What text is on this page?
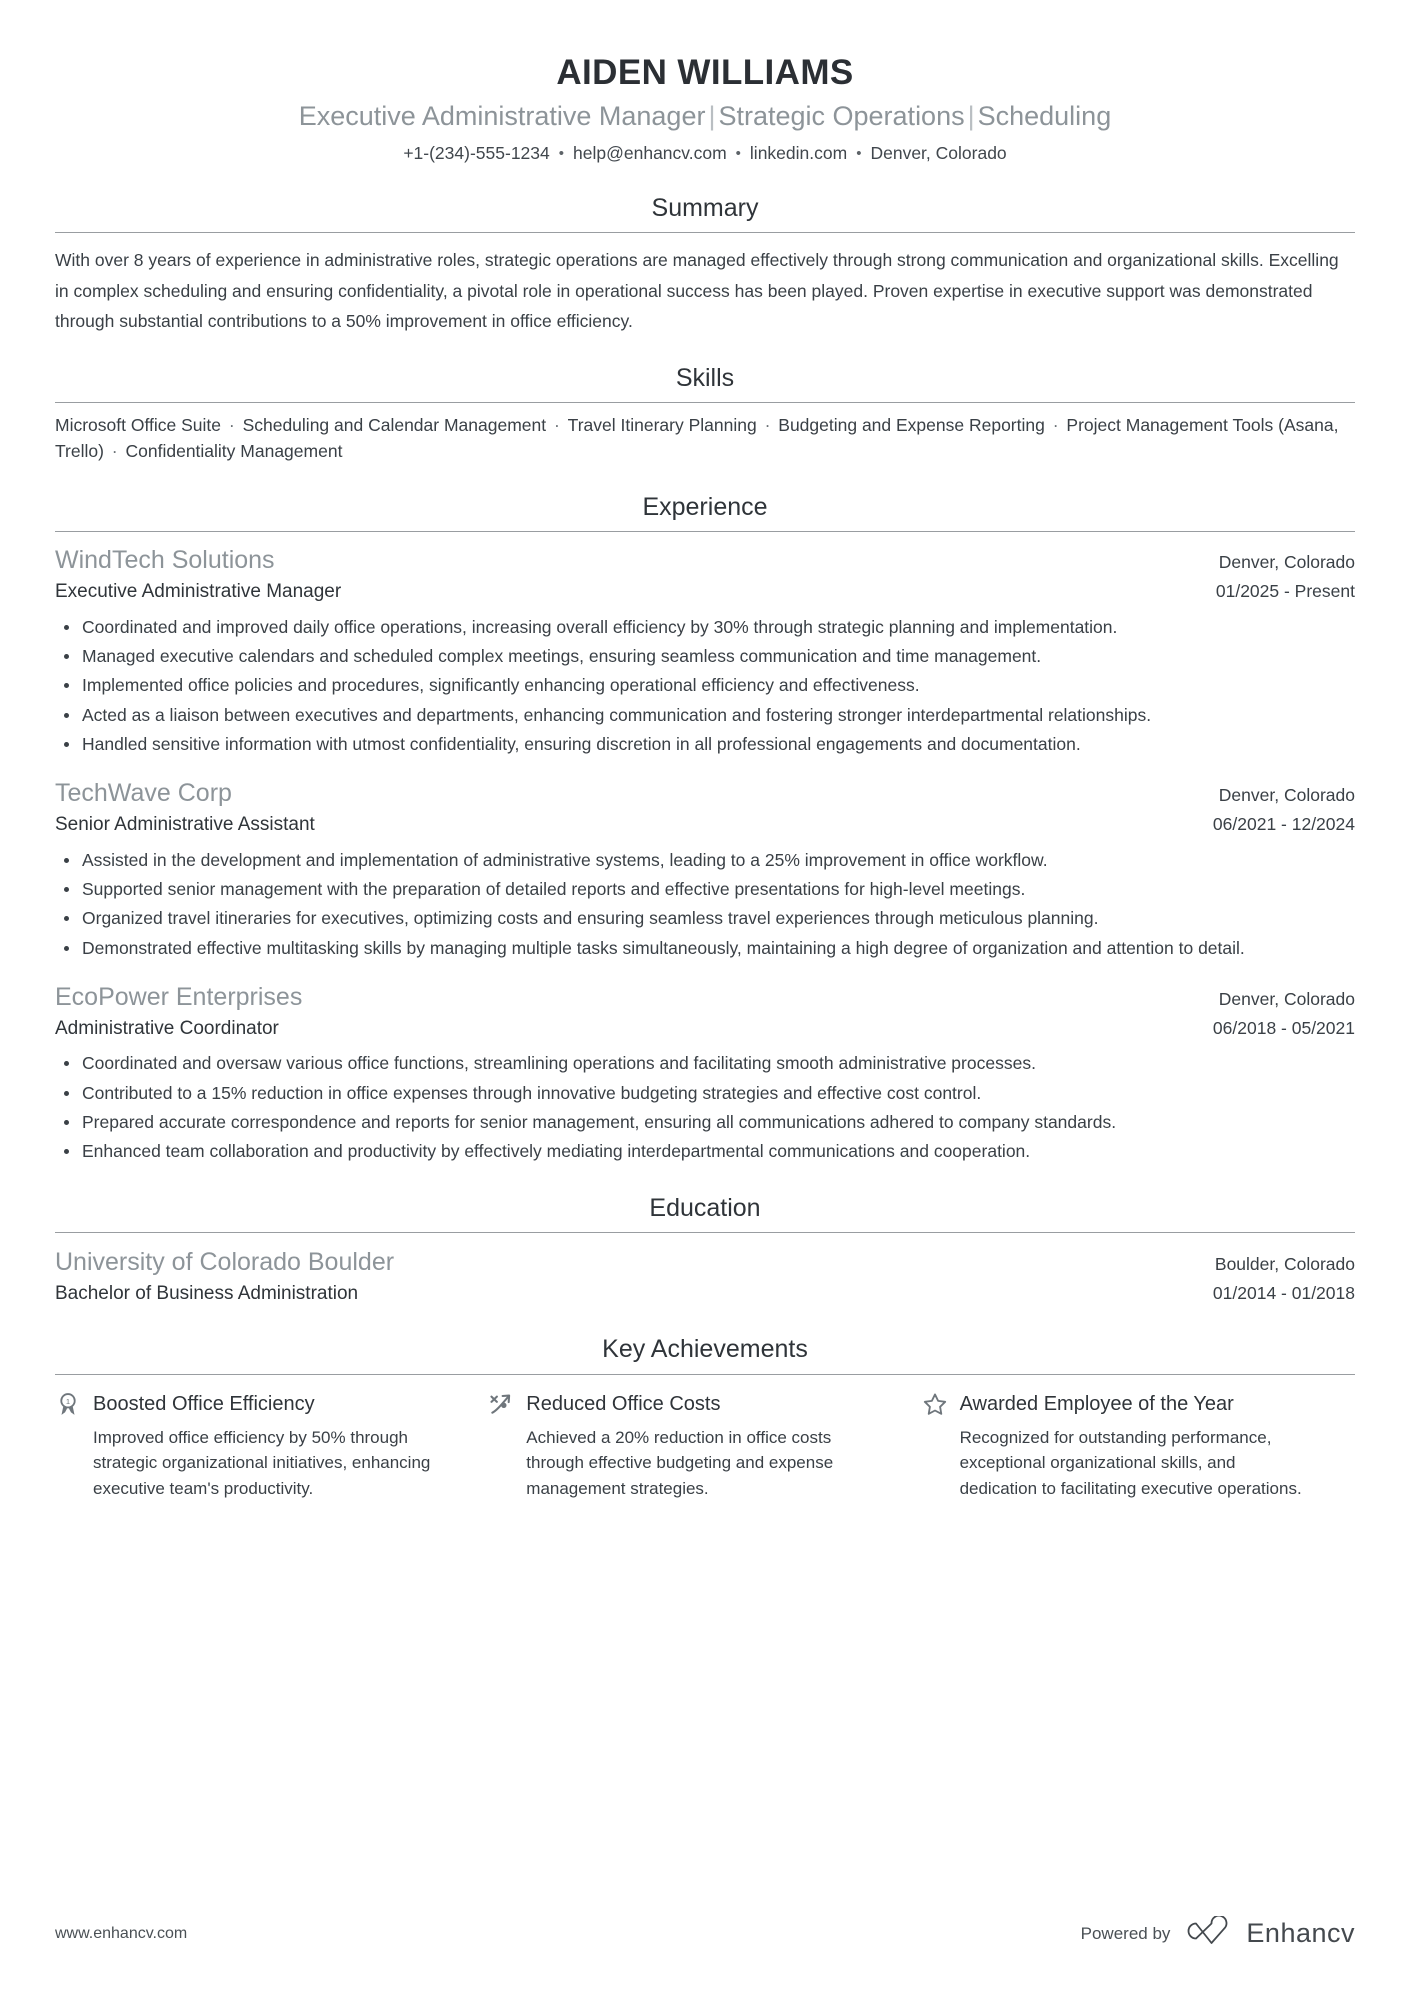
AIDEN WILLIAMS
Executive Administrative Manager | Strategic Operations | Scheduling
+1-(234)-555-1234 • help@enhancv.com • linkedin.com • Denver, Colorado
Summary

With over 8 years of experience in administrative roles, strategic operations are managed effectively through strong communication and organizational skills. Excelling in complex scheduling and ensuring confidentiality, a pivotal role in operational success has been played. Proven expertise in executive support was demonstrated through substantial contributions to a 50% improvement in office efficiency.

Skills

Microsoft Office Suite · Scheduling and Calendar Management · Travel Itinerary Planning · Budgeting and Expense Reporting · Project Management Tools (Asana, Trello) · Confidentiality Management

Experience
WindTech Solutions	Denver, Colorado
Executive Administrative Manager	01/2025 - Present
Coordinated and improved daily office operations, increasing overall efficiency by 30% through strategic planning and implementation.
Managed executive calendars and scheduled complex meetings, ensuring seamless communication and time management.
Implemented office policies and procedures, significantly enhancing operational efficiency and effectiveness.
Acted as a liaison between executives and departments, enhancing communication and fostering stronger interdepartmental relationships.
Handled sensitive information with utmost confidentiality, ensuring discretion in all professional engagements and documentation.
TechWave Corp	Denver, Colorado
Senior Administrative Assistant	06/2021 - 12/2024
Assisted in the development and implementation of administrative systems, leading to a 25% improvement in office workflow.
Supported senior management with the preparation of detailed reports and effective presentations for high-level meetings.
Organized travel itineraries for executives, optimizing costs and ensuring seamless travel experiences through meticulous planning.
Demonstrated effective multitasking skills by managing multiple tasks simultaneously, maintaining a high degree of organization and attention to detail.
EcoPower Enterprises	Denver, Colorado
Administrative Coordinator	06/2018 - 05/2021
Coordinated and oversaw various office functions, streamlining operations and facilitating smooth administrative processes.
Contributed to a 15% reduction in office expenses through innovative budgeting strategies and effective cost control.
Prepared accurate correspondence and reports for senior management, ensuring all communications adhered to company standards.
Enhanced team collaboration and productivity by effectively mediating interdepartmental communications and cooperation.
Education
University of Colorado Boulder	Boulder, Colorado
Bachelor of Business Administration	01/2014 - 01/2018
Key Achievements
1 Boosted Office Efficiency
Improved office efficiency by 50% through strategic organizational initiatives, enhancing executive team's productivity.
Reduced Office Costs
Achieved a 20% reduction in office costs through effective budgeting and expense management strategies.
Awarded Employee of the Year
Recognized for outstanding performance, exceptional organizational skills, and dedication to facilitating executive operations.
www.enhancv.com	Powered by	Enhancv
